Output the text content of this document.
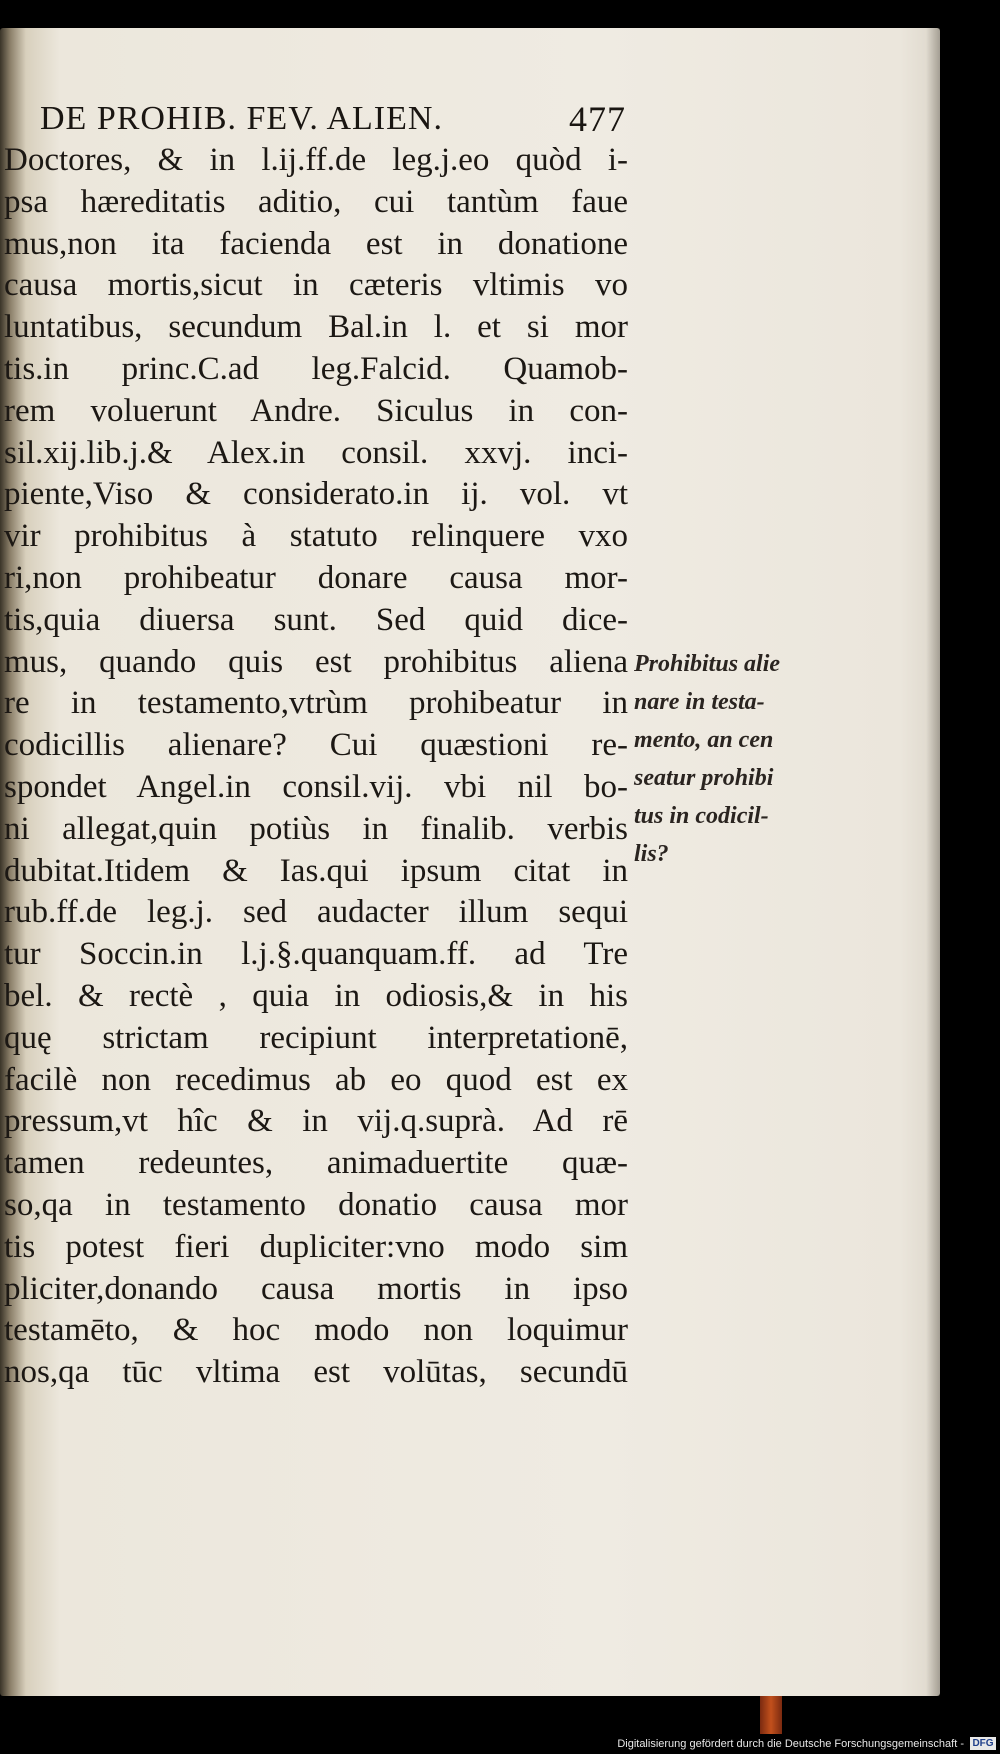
DE PROHIB. FEV. ALIEN.	477
Doctores, & in l.ij.ff.de leg.j.eo quòd i-
psa hæreditatis aditio, cui tantùm faue
mus,non ita facienda est in donatione
causa mortis,sicut in cæteris vltimis vo
luntatibus, secundum Bal.in l. et si mor
tis.in princ.C.ad leg.Falcid. Quamob-
rem voluerunt Andre. Siculus in con-
sil.xij.lib.j.& Alex.in consil. xxvj. inci-
piente,Viso & considerato.in ij. vol. vt
vir prohibitus à statuto relinquere vxo
ri,non prohibeatur donare causa mor-
tis,quia diuersa sunt. Sed quid dice-
mus, quando quis est prohibitus aliena
re in testamento,vtrùm prohibeatur in
codicillis alienare? Cui quæstioni re-
spondet Angel.in consil.vij. vbi nil bo-
ni allegat,quin potiùs in finalib. verbis
dubitat.Itidem & Ias.qui ipsum citat in
rub.ff.de leg.j. sed audacter illum sequi
tur Soccin.in l.j.§.quanquam.ff. ad Tre
bel. & rectè , quia in odiosis,& in his
quę strictam recipiunt interpretationē,
facilè non recedimus ab eo quod est ex
pressum,vt hîc & in vij.q.suprà. Ad rē
tamen redeuntes, animaduertite quæ-
so,qa in testamento donatio causa mor
tis potest fieri dupliciter:vno modo sim
pliciter,donando causa mortis in ipso
testamēto, & hoc modo non loquimur
nos,qa tūc vltima est volūtas, secundū
Prohibitus alie
nare in testa-
mento, an cen
seatur prohibi
tus in codicil-
lis?
Digitalisierung gefördert durch die Deutsche Forschungsgemeinschaft - DFG
